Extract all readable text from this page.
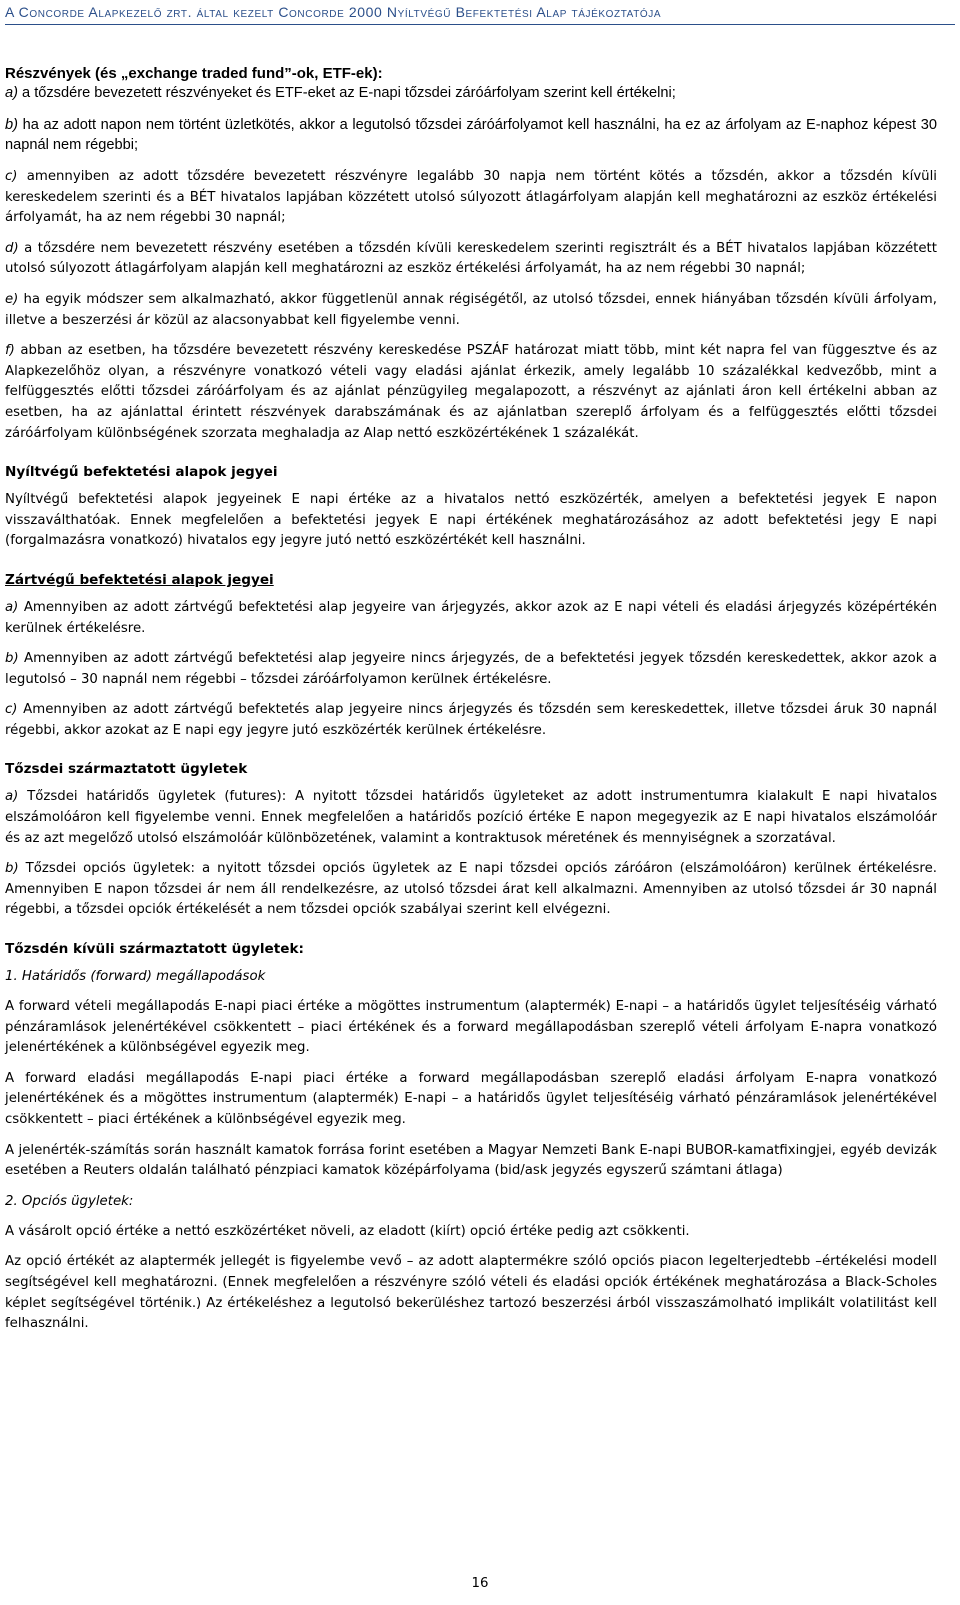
A Concorde Alapkezelő zrt. által kezelt Concorde 2000 Nyíltvégű Befektetési Alap tájékoztatója
Részvények (és „exchange traded fund”-ok, ETF-ek):
a) a tőzsdére bevezetett részvényeket és ETF-eket az E-napi tőzsdei záróárfolyam szerint kell értékelni;
b) ha az adott napon nem történt üzletkötés, akkor a legutolsó tőzsdei záróárfolyamot kell használni, ha ez az árfolyam az E-naphoz képest 30 napnál nem régebbi;

c) amennyiben az adott tőzsdére bevezetett részvényre legalább 30 napja nem történt kötés a tőzsdén, akkor a tőzsdén kívüli kereskedelem szerinti és a BÉT hivatalos lapjában közzétett utolsó súlyozott átlagárfolyam alapján kell meghatározni az eszköz értékelési árfolyamát, ha az nem régebbi 30 napnál;

d) a tőzsdére nem bevezetett részvény esetében a tőzsdén kívüli kereskedelem szerinti regisztrált és a BÉT hivatalos lapjában közzétett utolsó súlyozott átlagárfolyam alapján kell meghatározni az eszköz értékelési árfolyamát, ha az nem régebbi 30 napnál;

e) ha egyik módszer sem alkalmazható, akkor függetlenül annak régiségétől, az utolsó tőzsdei, ennek hiányában tőzsdén kívüli árfolyam, illetve a beszerzési ár közül az alacsonyabbat kell figyelembe venni.

f) abban az esetben, ha tőzsdére bevezetett részvény kereskedése PSZÁF határozat miatt több, mint két napra fel van függesztve és az Alapkezelőhöz olyan, a részvényre vonatkozó vételi vagy eladási ajánlat érkezik, amely legalább 10 százalékkal kedvezőbb, mint a felfüggesztés előtti tőzsdei záróárfolyam és az ajánlat pénzügyileg megalapozott, a részvényt az ajánlati áron kell értékelni abban az esetben, ha az ajánlattal érintett részvények darabszámának és az ajánlatban szereplő árfolyam és a felfüggesztés előtti tőzsdei záróárfolyam különbségének szorzata meghaladja az Alap nettó eszközértékének 1 százalékát.

Nyíltvégű befektetési alapok jegyei

Nyíltvégű befektetési alapok jegyeinek E napi értéke az a hivatalos nettó eszközérték, amelyen a befektetési jegyek E napon visszaválthatóak. Ennek megfelelően a befektetési jegyek E napi értékének meghatározásához az adott befektetési jegy E napi (forgalmazásra vonatkozó) hivatalos egy jegyre jutó nettó eszközértékét kell használni.

Zártvégű befektetési alapok jegyei

a) Amennyiben az adott zártvégű befektetési alap jegyeire van árjegyzés, akkor azok az E napi vételi és eladási árjegyzés középértékén kerülnek értékelésre.

b) Amennyiben az adott zártvégű befektetési alap jegyeire nincs árjegyzés, de a befektetési jegyek tőzsdén kereskedettek, akkor azok a legutolsó – 30 napnál nem régebbi – tőzsdei záróárfolyamon kerülnek értékelésre.

c) Amennyiben az adott zártvégű befektetés alap jegyeire nincs árjegyzés és tőzsdén sem kereskedettek, illetve tőzsdei áruk 30 napnál régebbi, akkor azokat az E napi egy jegyre jutó eszközérték kerülnek értékelésre.

Tőzsdei származtatott ügyletek

a) Tőzsdei határidős ügyletek (futures): A nyitott tőzsdei határidős ügyleteket az adott instrumentumra kialakult E napi hivatalos elszámolóáron kell figyelembe venni. Ennek megfelelően a határidős pozíció értéke E napon megegyezik az E napi hivatalos elszámolóár és az azt megelőző utolsó elszámolóár különbözetének, valamint a kontraktusok méretének és mennyiségnek a szorzatával.

b) Tőzsdei opciós ügyletek: a nyitott tőzsdei opciós ügyletek az E napi tőzsdei opciós záróáron (elszámolóáron) kerülnek értékelésre. Amennyiben E napon tőzsdei ár nem áll rendelkezésre, az utolsó tőzsdei árat kell alkalmazni. Amennyiben az utolsó tőzsdei ár 30 napnál régebbi, a tőzsdei opciók értékelését a nem tőzsdei opciók szabályai szerint kell elvégezni.

Tőzsdén kívüli származtatott ügyletek:
1. Határidős (forward) megállapodások

A forward vételi megállapodás E-napi piaci értéke a mögöttes instrumentum (alaptermék) E-napi – a határidős ügylet teljesítéséig várható pénzáramlások jelenértékével csökkentett – piaci értékének és a forward megállapodásban szereplő vételi árfolyam E-napra vonatkozó jelenértékének a különbségével egyezik meg.

A forward eladási megállapodás E-napi piaci értéke a forward megállapodásban szereplő eladási árfolyam E-napra vonatkozó jelenértékének és a mögöttes instrumentum (alaptermék) E-napi – a határidős ügylet teljesítéséig várható pénzáramlások jelenértékével csökkentett – piaci értékének a különbségével egyezik meg.

A jelenérték-számítás során használt kamatok forrása forint esetében a Magyar Nemzeti Bank E-napi BUBOR-kamatfixingjei, egyéb devizák esetében a Reuters oldalán található pénzpiaci kamatok középárfolyama (bid/ask jegyzés egyszerű számtani átlaga)

2. Opciós ügyletek:

A vásárolt opció értéke a nettó eszközértéket növeli, az eladott (kiírt) opció értéke pedig azt csökkenti.

Az opció értékét az alaptermék jellegét is figyelembe vevő – az adott alaptermékre szóló opciós piacon legelterjedtebb –értékelési modell segítségével kell meghatározni. (Ennek megfelelően a részvényre szóló vételi és eladási opciók értékének meghatározása a Black-Scholes képlet segítségével történik.) Az értékeléshez a legutolsó bekerüléshez tartozó beszerzési árból visszaszámolható implikált volatilitást kell felhasználni.

16
